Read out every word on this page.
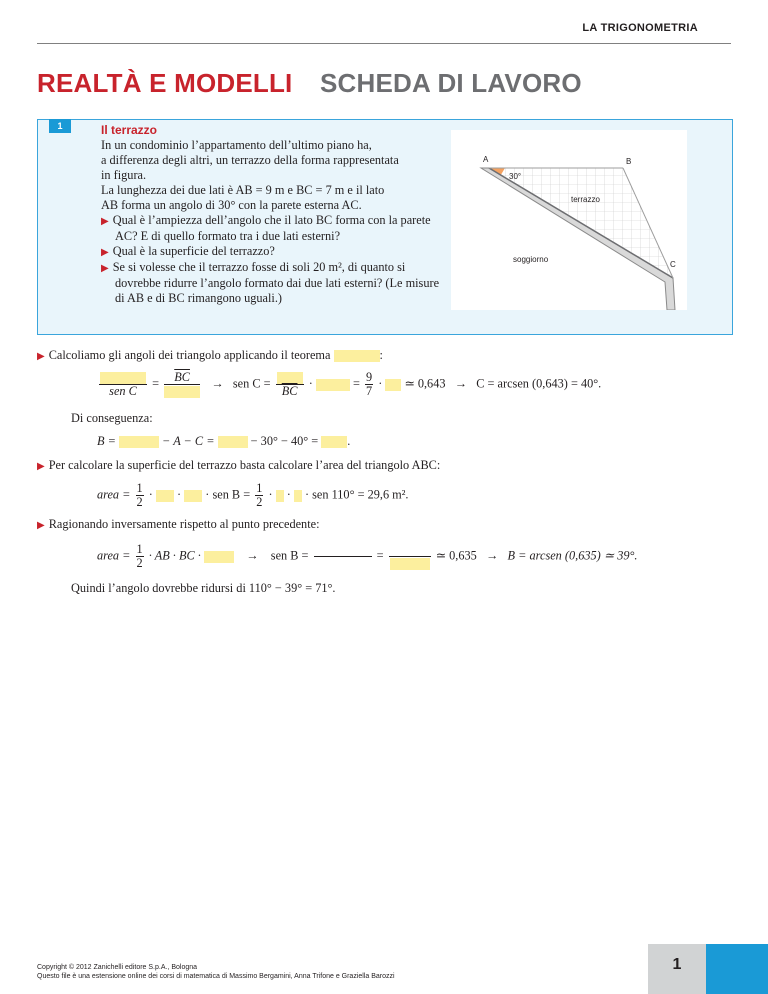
LA TRIGONOMETRIA
REALTÀ E MODELLI SCHEDA DI LAVORO
1	Il terrazzo
In un condominio l’appartamento dell’ultimo piano ha,
a differenza degli altri, un terrazzo della forma rappresentata
in figura.
La lunghezza dei due lati è AB = 9 m e BC = 7 m e il lato
AB forma un angolo di 30° con la parete esterna AC.
▶ Qual è l’ampiezza dell’angolo che il lato BC forma con la parete AC? E di quello formato tra i due lati esterni?
▶ Qual è la superficie del terrazzo?
▶ Se si volesse che il terrazzo fosse di soli 20 m², di quanto si dovrebbe ridurre l’angolo formato dai due lati esterni? (Le misure di AB e di BC rimangono uguali.)
A	B
C
30°
terrazzo
soggiorno
▶ Calcoliamo gli angoli dei triangolo applicando il teorema	:
sen C
=	$\overline{BC}$	→ sen C =
$\overline{BC}$
·	= $\frac{9}{7}$ ·  ≃ 0,643 → C = arcsen (0,643) = 40°.
Di conseguenza:
B =	− A − C =	− 30° − 40° = .
▶ Per calcolare la superficie del terrazzo basta calcolare l’area del triangolo ABC:
area = $\frac{1}{2}$ ·  ·  · sen $B = \frac{1}{2}$ ·  ·  · sen 110° = 29,6 m².
▶ Ragionando inversamente rispetto al punto precedente:
area = $\frac{1}{2}$ · AB · BC ·	→ sen B =

	=
	≃ 0,635 → B = arcsen (0,635) ≃ 39°.
Quindi l’angolo dovrebbe ridursi di 110° − 39° = 71°.
Copyright © 2012 Zanichelli editore S.p.A., Bologna
Questo file è una estensione online dei corsi di matematica di Massimo Bergamini, Anna Trifone e Graziella Barozzi
1
